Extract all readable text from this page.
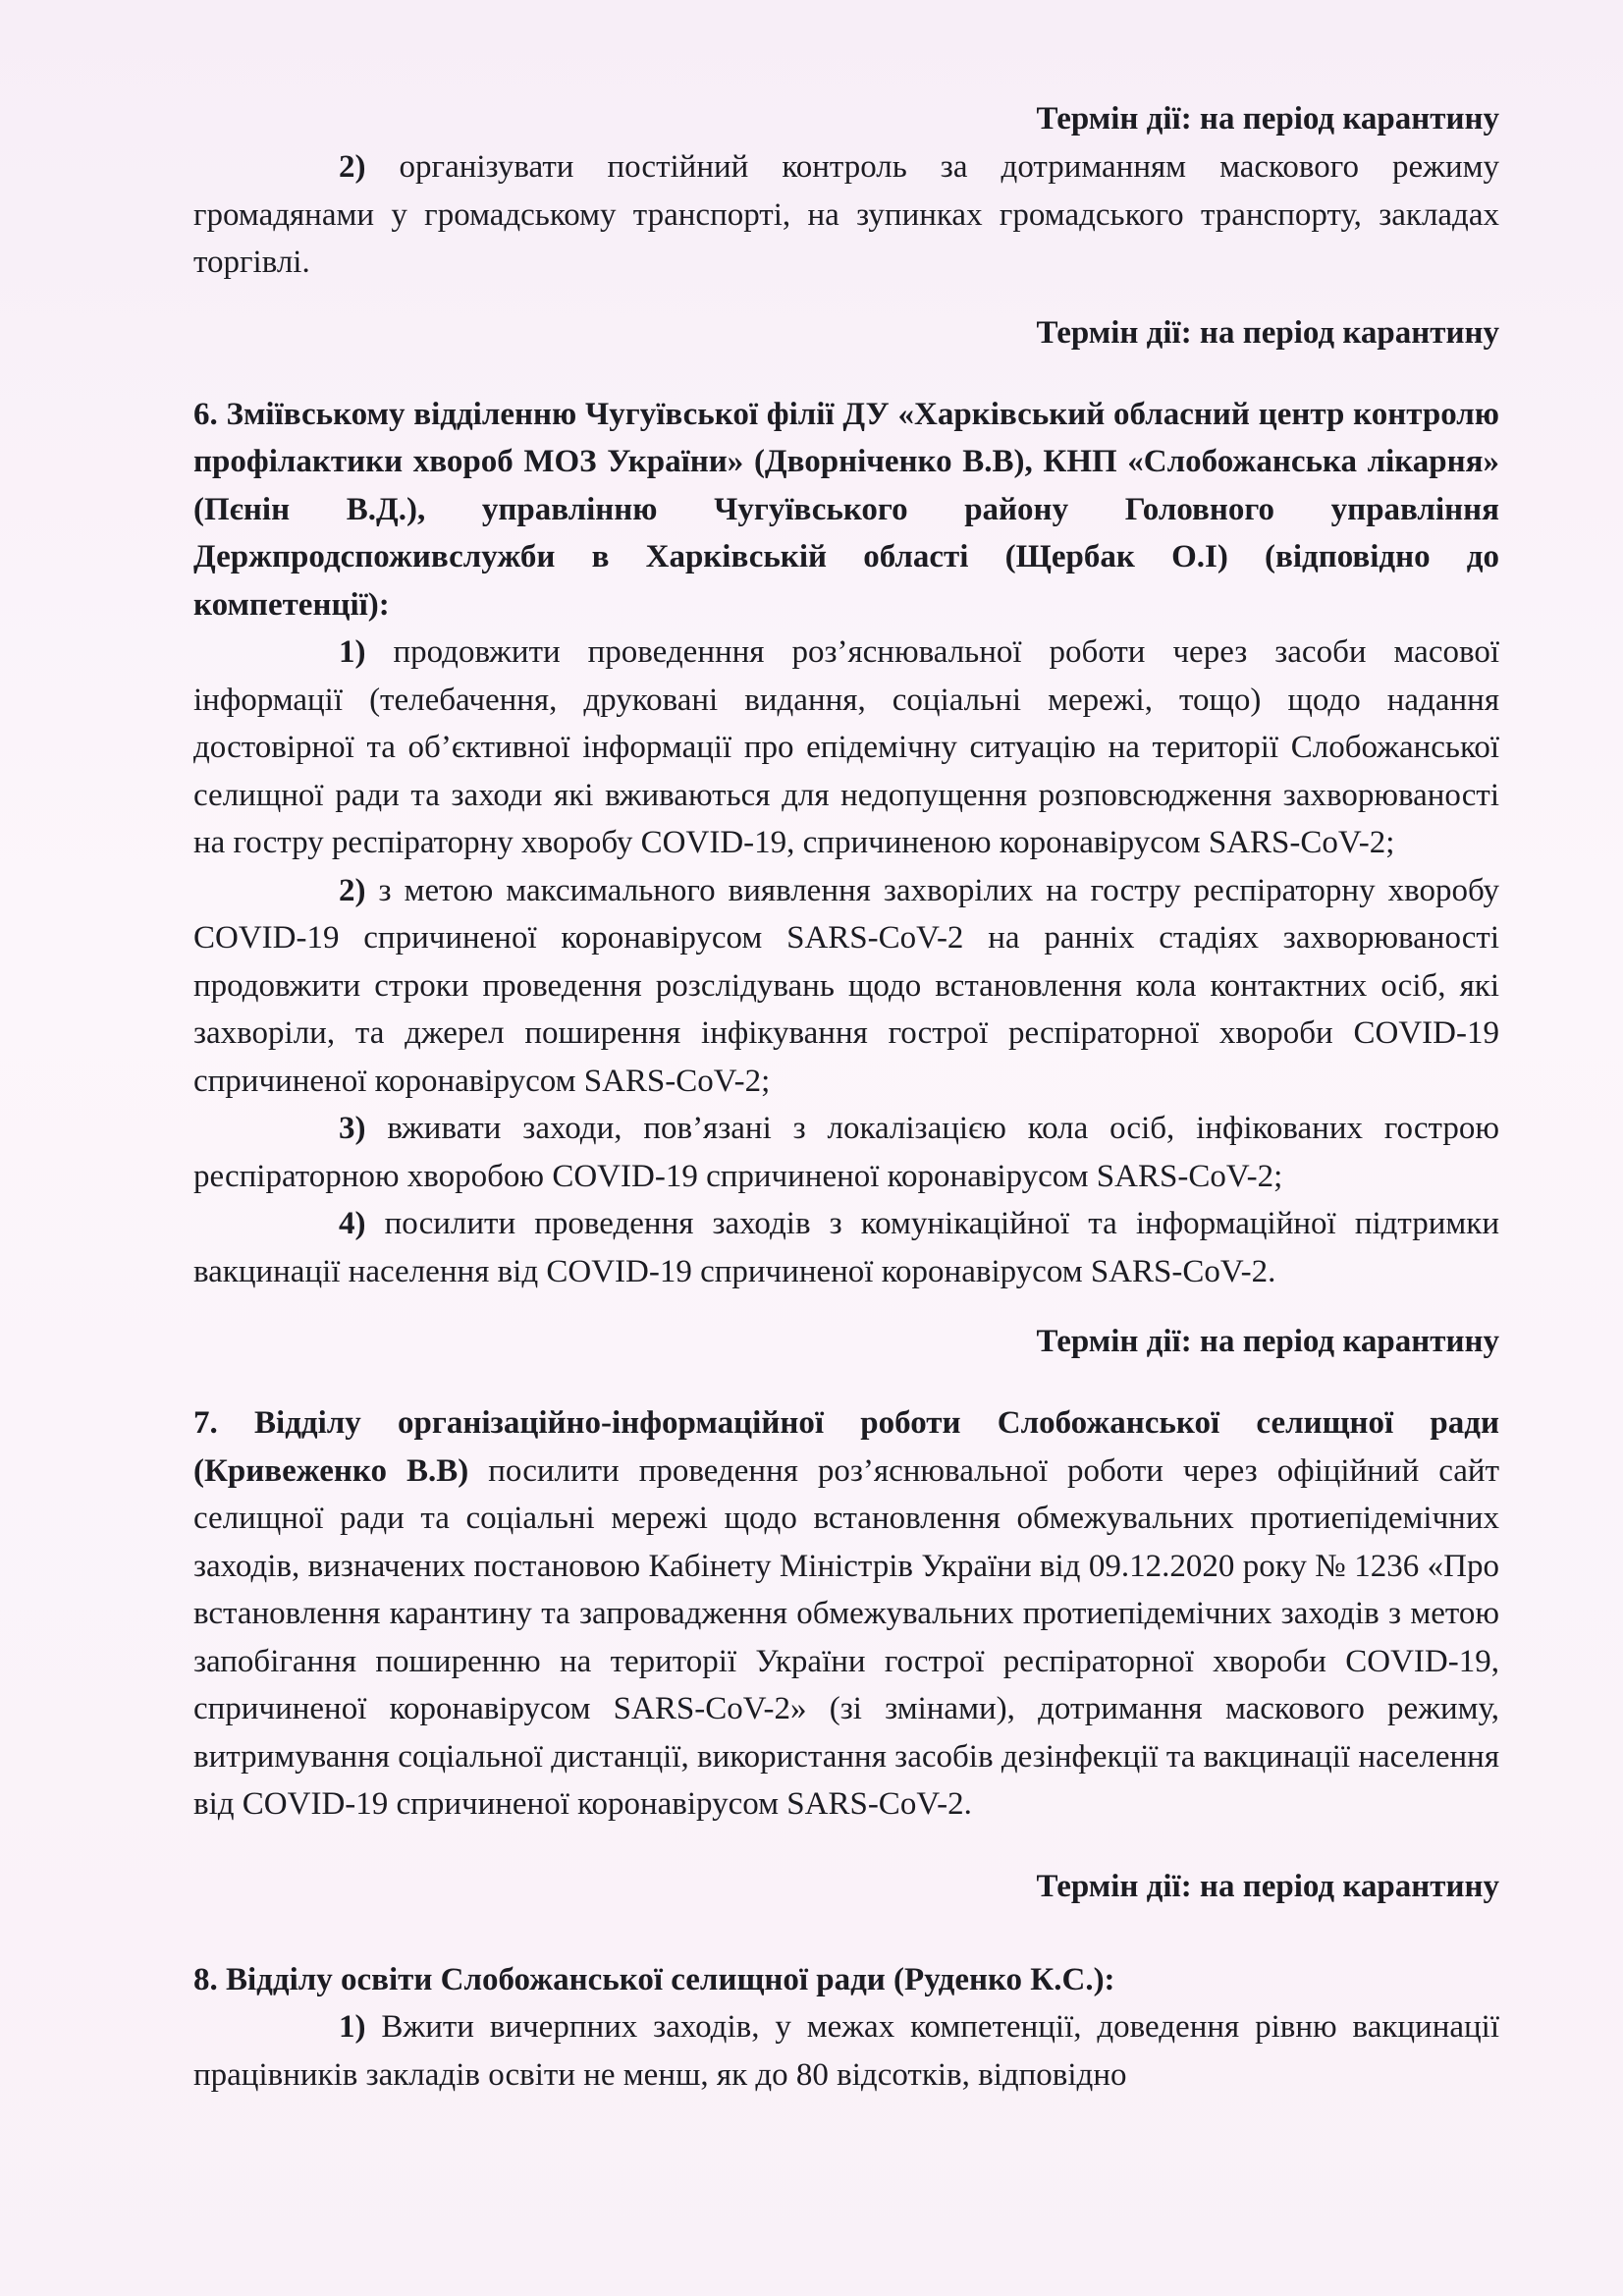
Термін дії: на період карантину

2) організувати постійний контроль за дотриманням маскового режиму громадянами у громадському транспорті, на зупинках громадського транспорту, закладах торгівлі.

Термін дії: на період карантину

6. Зміївському відділенню Чугуївської філії ДУ «Харківський обласний центр контролю профілактики хвороб МОЗ України» (Дворніченко В.В), КНП «Слобожанська лікарня» (Пєнін В.Д.), управлінню Чугуївського району Головного управління Держпродспоживслужби в Харківській області (Щербак О.І) (відповідно до компетенції):

1) продовжити проведенння роз’яснювальної роботи через засоби масової інформації (телебачення, друковані видання, соціальні мережі, тощо) щодо надання достовірної та об’єктивної інформації про епідемічну ситуацію на території Слобожанської селищної ради та заходи які вживаються для недопущення розповсюдження захворюваності на гостру респіраторну хворобу COVID-19, спричиненою коронавірусом SARS-CoV-2;

2) з метою максимального виявлення захворілих на гостру респіраторну хворобу COVID-19 спричиненої коронавірусом SARS-CoV-2 на ранніх стадіях захворюваності продовжити строки проведення розслідувань щодо встановлення кола контактних осіб, які захворіли, та джерел поширення інфікування гострої респіраторної хвороби COVID-19 спричиненої коронавірусом SARS-CoV-2;

3) вживати заходи, пов’язані з локалізацією кола осіб, інфікованих гострою респіраторною хворобою COVID-19 спричиненої коронавірусом SARS-CoV-2;

4) посилити проведення заходів з комунікаційної та інформаційної підтримки вакцинації населення від COVID-19 спричиненої коронавірусом SARS-CoV-2.

Термін дії: на період карантину

7. Відділу організаційно-інформаційної роботи Слобожанської селищної ради (Кривеженко В.В) посилити проведення роз’яснювальної роботи через офіційний сайт селищної ради та соціальні мережі щодо встановлення обмежувальних протиепідемічних заходів, визначених постановою Кабінету Міністрів України від 09.12.2020 року № 1236 «Про встановлення карантину та запровадження обмежувальних протиепідемічних заходів з метою запобігання поширенню на території України гострої респіраторної хвороби COVID-19, спричиненої коронавірусом SARS-CoV-2» (зі змінами), дотримання маскового режиму, витримування соціальної дистанції, використання засобів дезінфекції та вакцинації населення від COVID-19 спричиненої коронавірусом SARS-CoV-2.

Термін дії: на період карантину

8. Відділу освіти Слобожанської селищної ради (Руденко К.С.):

1) Вжити вичерпних заходів, у межах компетенції, доведення рівню вакцинації працівників закладів освіти не менш, як до 80 відсотків, відповідно
